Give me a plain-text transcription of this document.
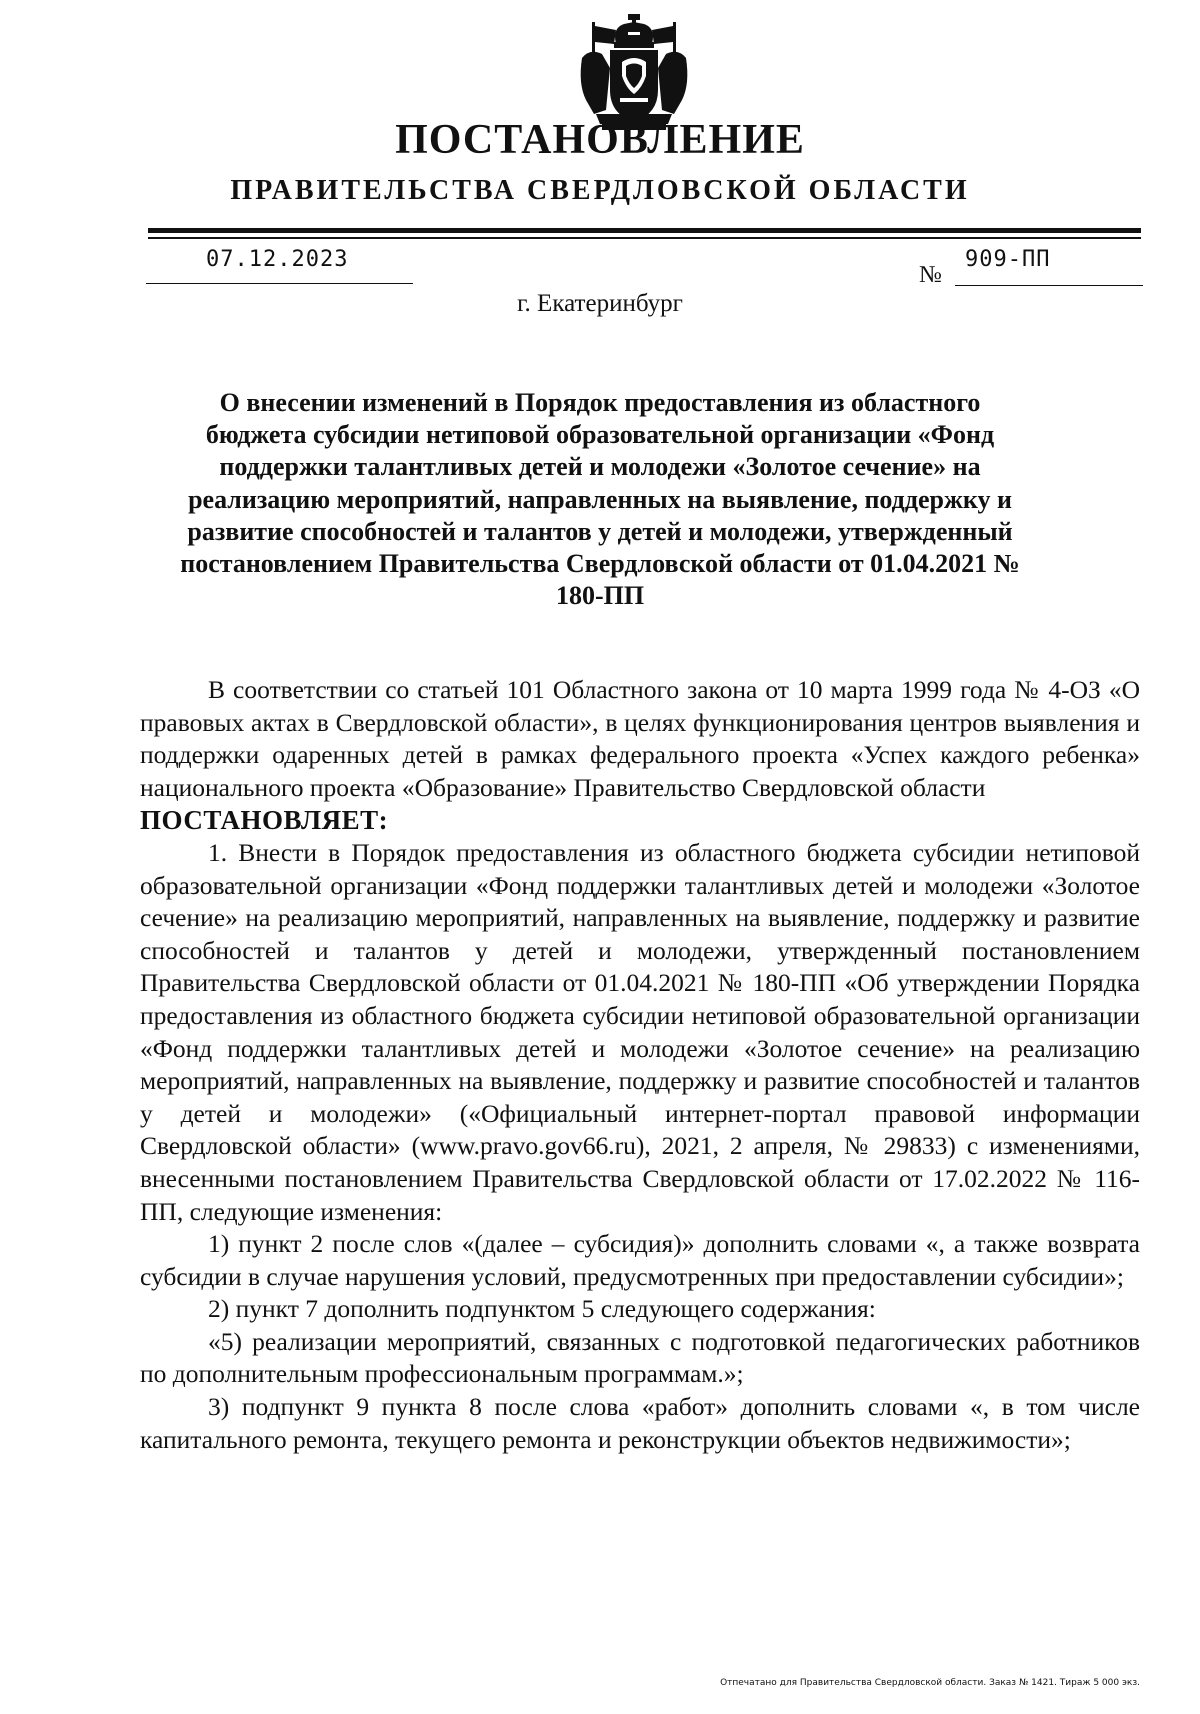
ПОСТАНОВЛЕНИЕ
ПРАВИТЕЛЬСТВА СВЕРДЛОВСКОЙ ОБЛАСТИ
07.12.2023
№
909-ПП
г. Екатеринбург

О внесении изменений в Порядок предоставления из областного бюджета субсидии нетиповой образовательной организации «Фонд поддержки талантливых детей и молодежи «Золотое сечение» на реализацию мероприятий, направленных на выявление, поддержку и развитие способностей и талантов у детей и молодежи, утвержденный постановлением Правительства Свердловской области от 01.04.2021 № 180-ПП

В соответствии со статьей 101 Областного закона от 10 марта 1999 года № 4-ОЗ «О правовых актах в Свердловской области», в целях функционирования центров выявления и поддержки одаренных детей в рамках федерального проекта «Успех каждого ребенка» национального проекта «Образование» Правительство Свердловской области

ПОСТАНОВЛЯЕТ:

1. Внести в Порядок предоставления из областного бюджета субсидии нетиповой образовательной организации «Фонд поддержки талантливых детей и молодежи «Золотое сечение» на реализацию мероприятий, направленных на выявление, поддержку и развитие способностей и талантов у детей и молодежи, утвержденный постановлением Правительства Свердловской области от 01.04.2021 № 180-ПП «Об утверждении Порядка предоставления из областного бюджета субсидии нетиповой образовательной организации «Фонд поддержки талантливых детей и молодежи «Золотое сечение» на реализацию мероприятий, направленных на выявление, поддержку и развитие способностей и талантов у детей и молодежи» («Официальный интернет-портал правовой информации Свердловской области» (www.pravo.gov66.ru), 2021, 2 апреля, № 29833) с изменениями, внесенными постановлением Правительства Свердловской области от 17.02.2022 № 116-ПП, следующие изменения:

1) пункт 2 после слов «(далее – субсидия)» дополнить словами «, а также возврата субсидии в случае нарушения условий, предусмотренных при предоставлении субсидии»;

2) пункт 7 дополнить подпунктом 5 следующего содержания:

«5) реализации мероприятий, связанных с подготовкой педагогических работников по дополнительным профессиональным программам.»;

3) подпункт 9 пункта 8 после слова «работ» дополнить словами «, в том числе капитального ремонта, текущего ремонта и реконструкции объектов недвижимости»;

Отпечатано для Правительства Свердловской области. Заказ № 1421. Тираж 5 000 экз.
